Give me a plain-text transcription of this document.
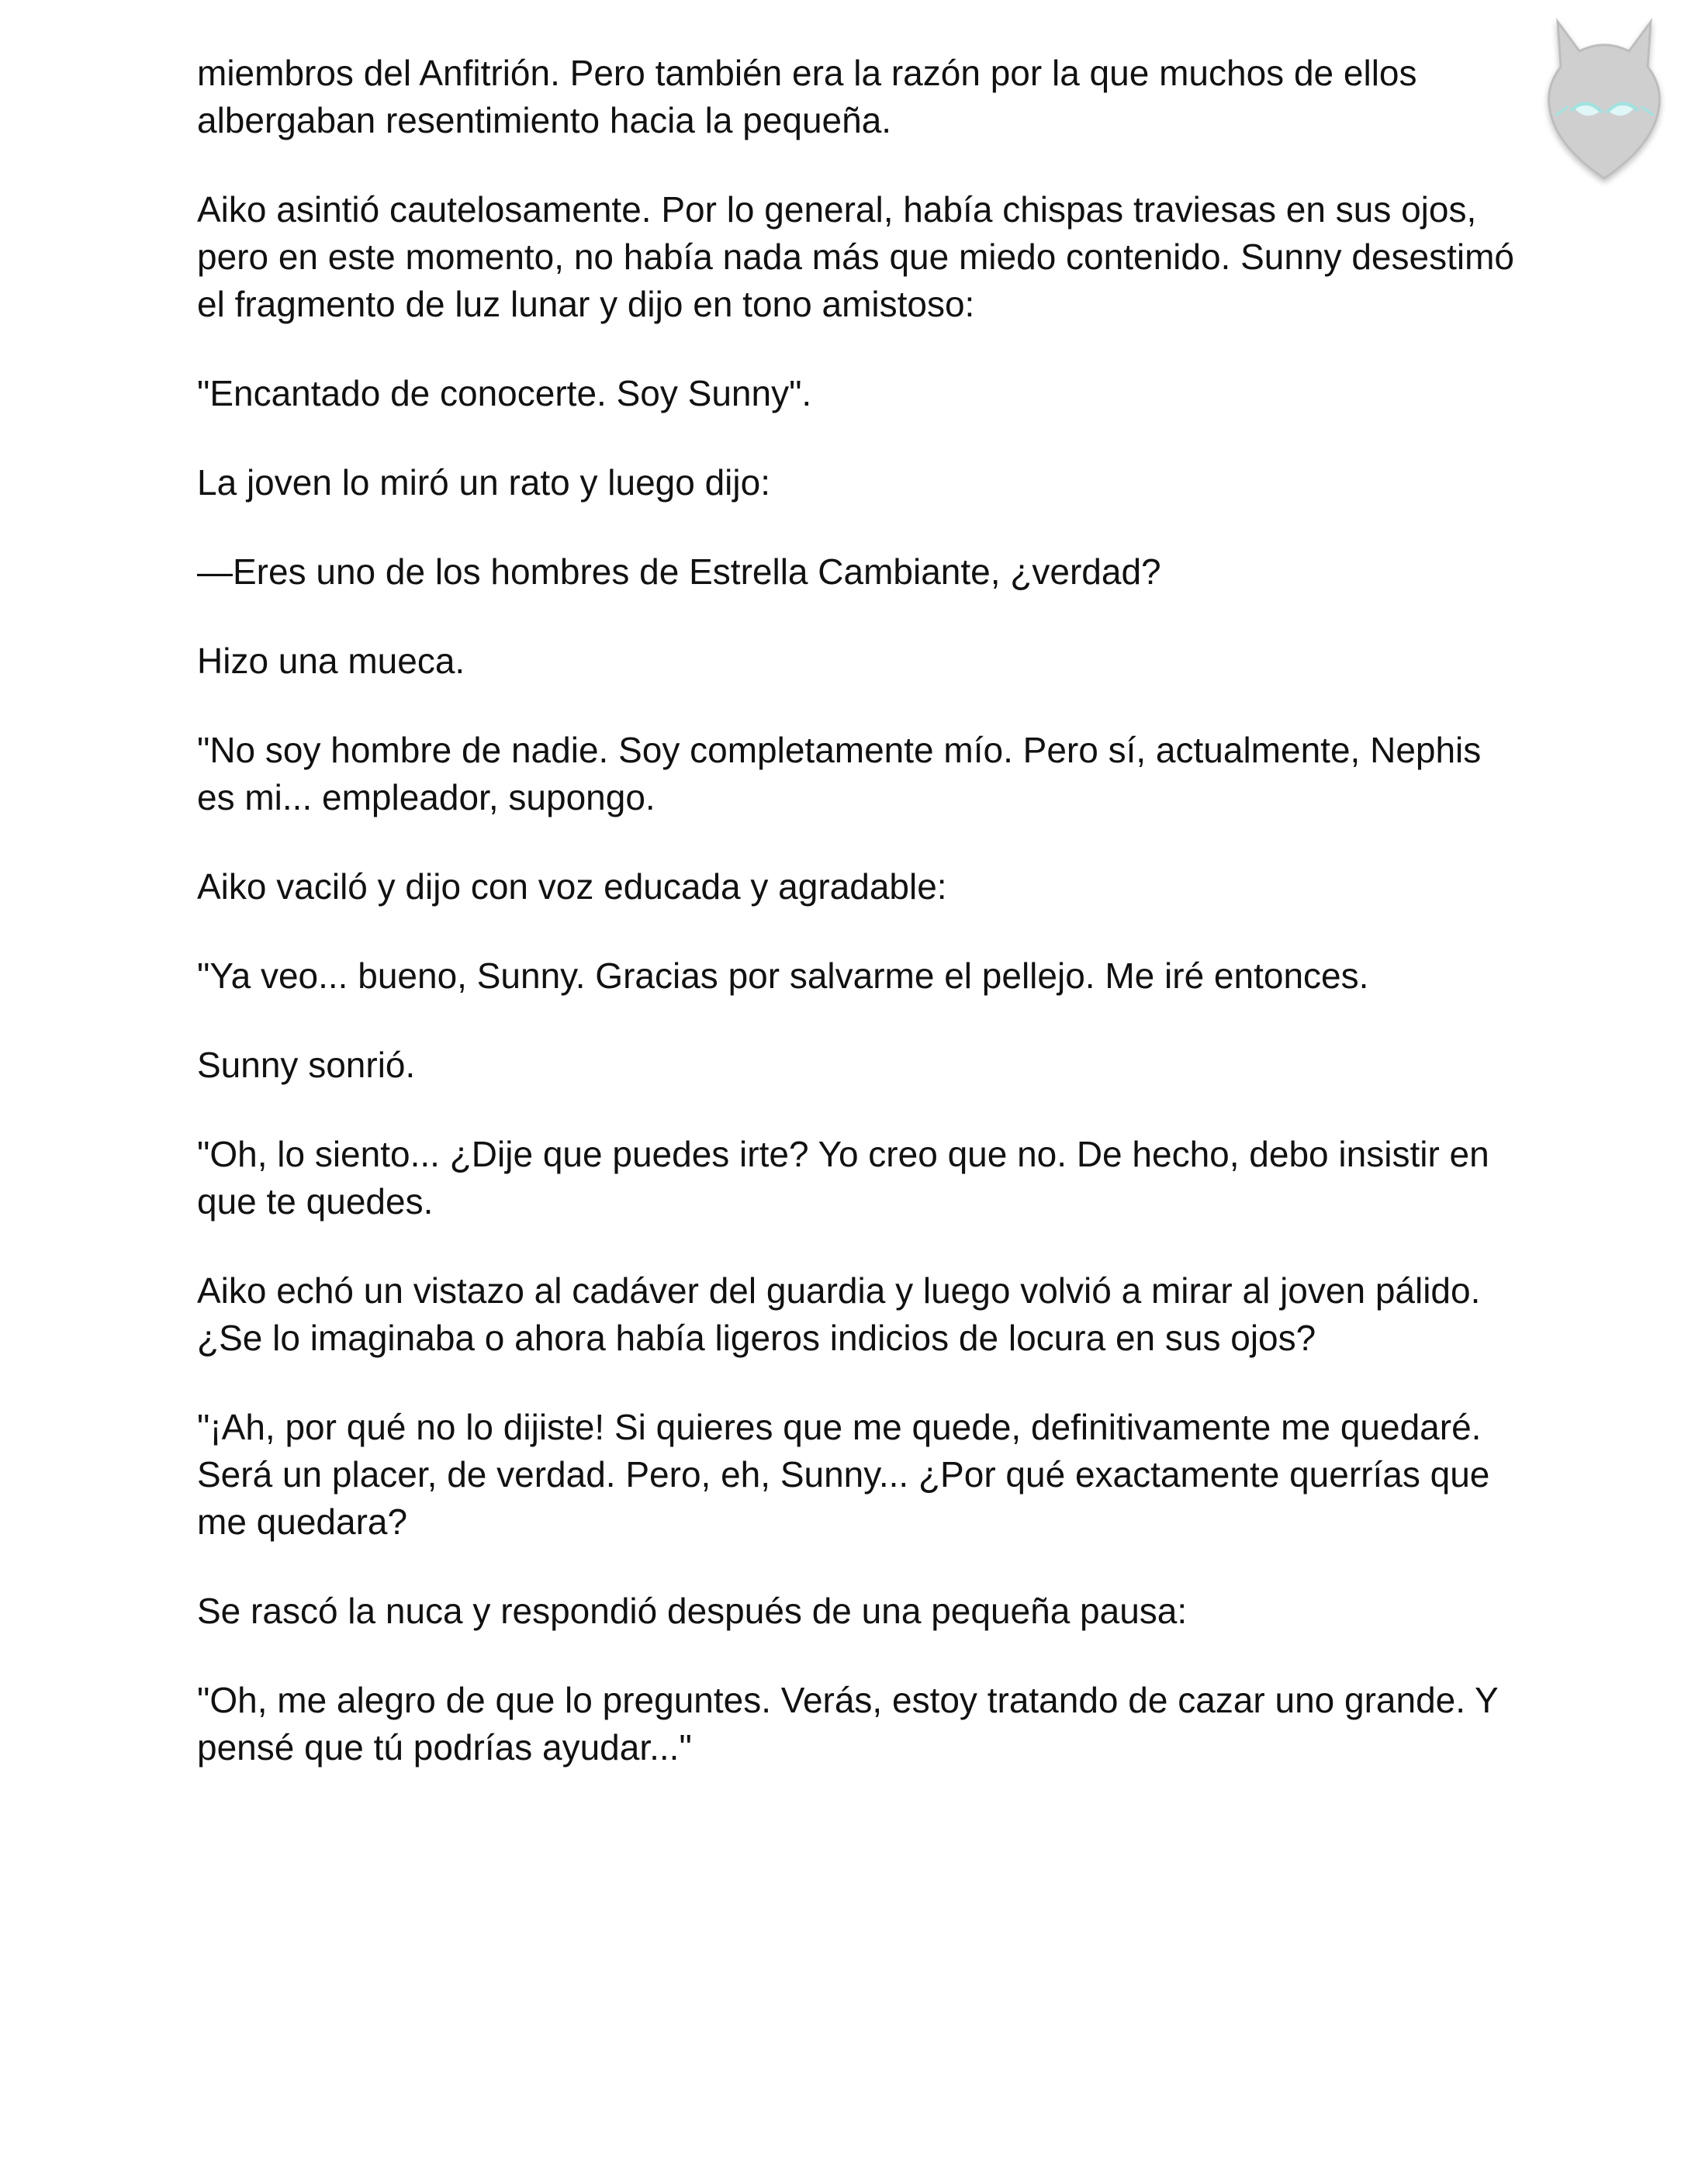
miembros del Anfitrión. Pero también era la razón por la que muchos de ellos albergaban resentimiento hacia la pequeña.

Aiko asintió cautelosamente. Por lo general, había chispas traviesas en sus ojos, pero en este momento, no había nada más que miedo contenido. Sunny desestimó el fragmento de luz lunar y dijo en tono amistoso:

"Encantado de conocerte. Soy Sunny".

La joven lo miró un rato y luego dijo:

—Eres uno de los hombres de Estrella Cambiante, ¿verdad?

Hizo una mueca.

"No soy hombre de nadie. Soy completamente mío. Pero sí, actualmente, Nephis es mi... empleador, supongo.

Aiko vaciló y dijo con voz educada y agradable:

"Ya veo... bueno, Sunny. Gracias por salvarme el pellejo. Me iré entonces.

Sunny sonrió.

"Oh, lo siento... ¿Dije que puedes irte? Yo creo que no. De hecho, debo insistir en que te quedes.

Aiko echó un vistazo al cadáver del guardia y luego volvió a mirar al joven pálido. ¿Se lo imaginaba o ahora había ligeros indicios de locura en sus ojos?

"¡Ah, por qué no lo dijiste! Si quieres que me quede, definitivamente me quedaré. Será un placer, de verdad. Pero, eh, Sunny... ¿Por qué exactamente querrías que me quedara?

Se rascó la nuca y respondió después de una pequeña pausa:

"Oh, me alegro de que lo preguntes. Verás, estoy tratando de cazar uno grande. Y pensé que tú podrías ayudar..."
